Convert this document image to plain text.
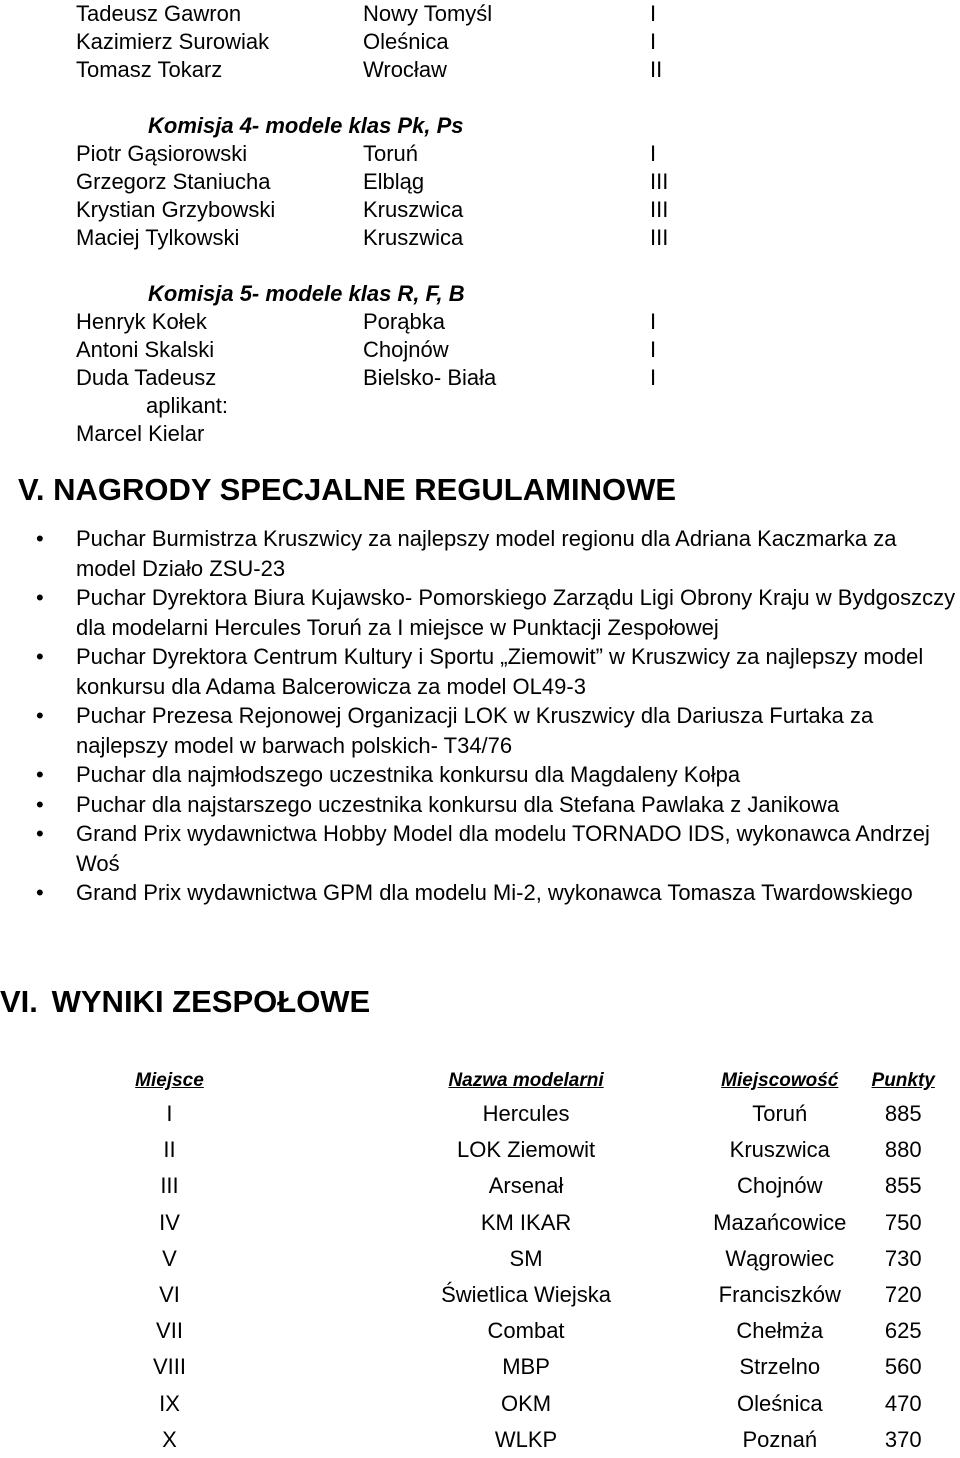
Tadeusz Gawron	Nowy Tomyśl	I
Kazimierz Surowiak	Oleśnica	I
Tomasz Tokarz	Wrocław	II
Komisja 4- modele klas Pk, Ps
Piotr Gąsiorowski	Toruń	I
Grzegorz Staniucha	Elbląg	III
Krystian Grzybowski	Kruszwica	III
Maciej Tylkowski	Kruszwica	III
Komisja 5- modele klas R, F, B
Henryk Kołek	Porąbka	I
Antoni Skalski	Chojnów	I
Duda Tadeusz	Bielsko- Biała	I
aplikant:
Marcel Kielar
V. NAGRODY SPECJALNE REGULAMINOWE
• Puchar Burmistrza Kruszwicy za najlepszy model regionu dla Adriana Kaczmarka za model Działo ZSU-23
• Puchar Dyrektora Biura Kujawsko- Pomorskiego Zarządu Ligi Obrony Kraju w Bydgoszczy dla modelarni Hercules Toruń za I miejsce w Punktacji Zespołowej
• Puchar Dyrektora Centrum Kultury i Sportu „Ziemowit” w Kruszwicy za najlepszy model konkursu dla Adama Balcerowicza za model OL49-3
• Puchar Prezesa Rejonowej Organizacji LOK w Kruszwicy dla Dariusza Furtaka za najlepszy model w barwach polskich- T34/76
• Puchar dla najmłodszego uczestnika konkursu dla Magdaleny Kołpa
• Puchar dla najstarszego uczestnika konkursu dla Stefana Pawlaka z Janikowa
• Grand Prix wydawnictwa Hobby Model dla modelu TORNADO IDS, wykonawca Andrzej Woś
• Grand Prix wydawnictwa GPM dla modelu Mi-2, wykonawca Tomasza Twardowskiego
VI. WYNIKI ZESPOŁOWE
Miejsce	Nazwa modelarni	Miejscowość	Punkty
I	Hercules	Toruń	885
II	LOK Ziemowit	Kruszwica	880
III	Arsenał	Chojnów	855
IV	KM IKAR	Mazańcowice	750
V	SM	Wągrowiec	730
VI	Świetlica Wiejska	Franciszków	720
VII	Combat	Chełmża	625
VIII	MBP	Strzelno	560
IX	OKM	Oleśnica	470
X	WLKP	Poznań	370
